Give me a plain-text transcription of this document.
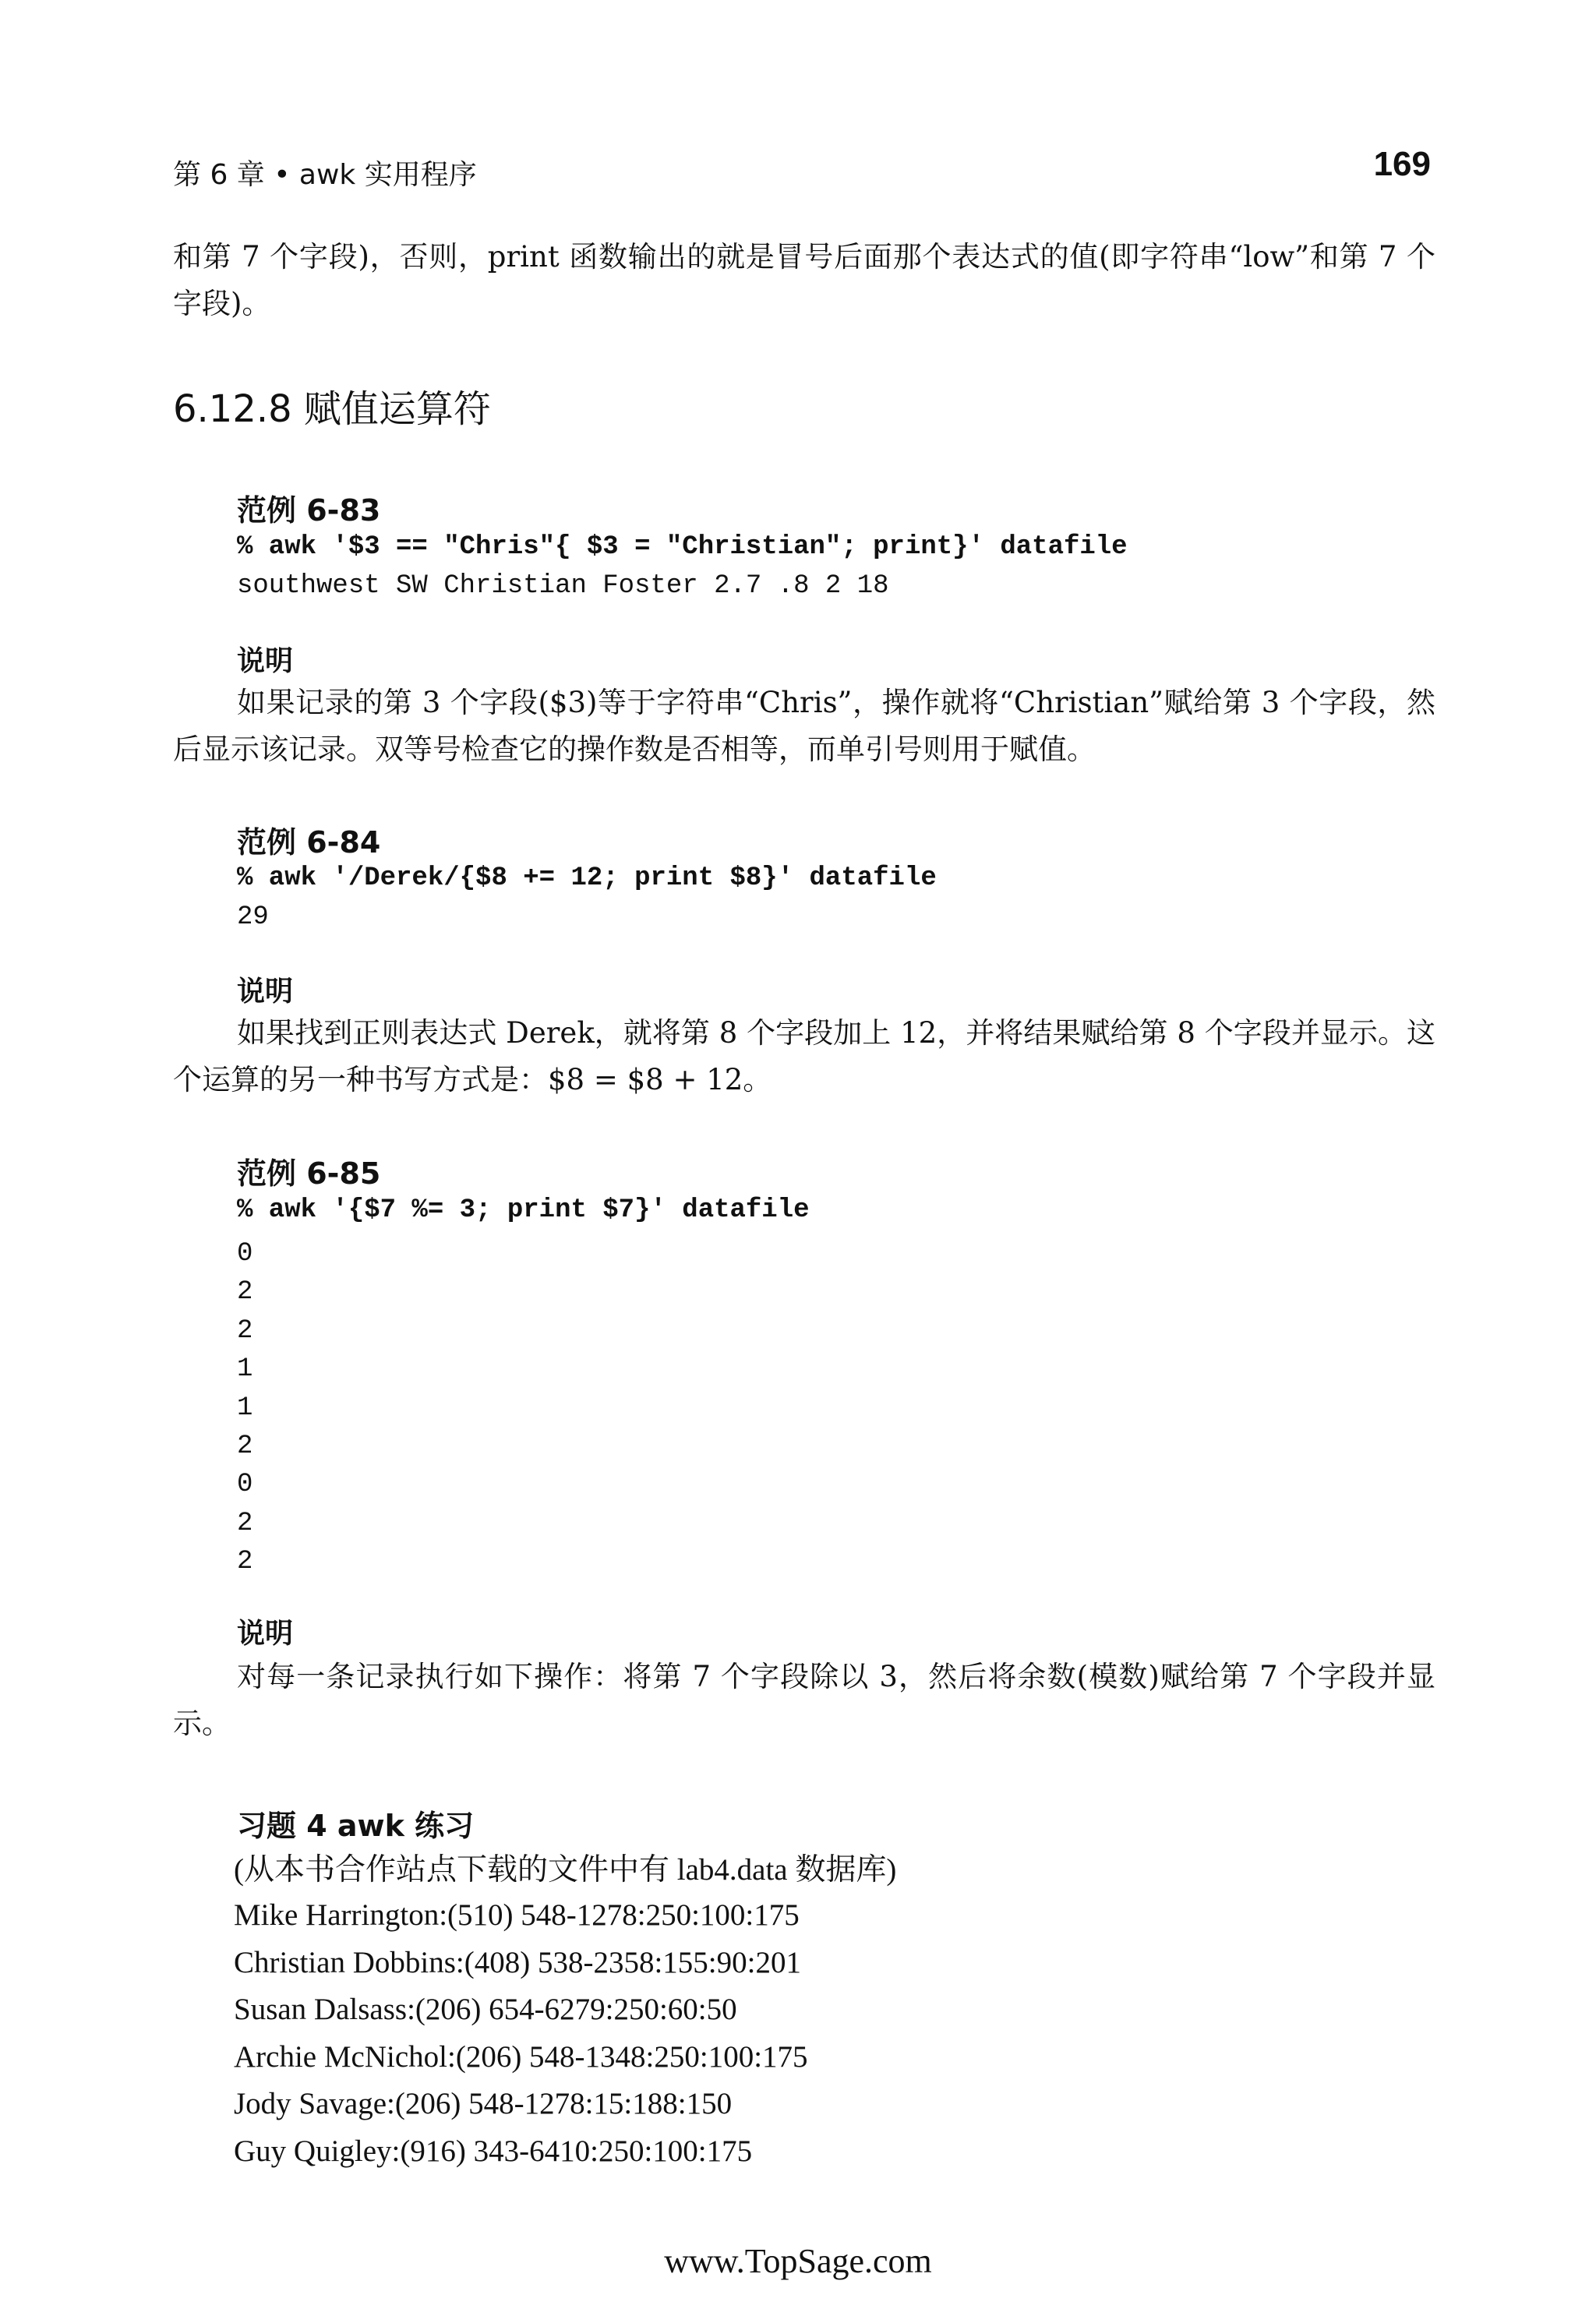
第 6 章 • awk 实用程序	169

和第 7 个字段)，否则，print 函数输出的就是冒号后面那个表达式的值(即字符串“low”和第 7 个字段)。

6.12.8 赋值运算符
范例 6-83
% awk '$3 == "Chris"{ $3 = "Christian"; print}' datafile
southwest SW Christian Foster 2.7 .8 2 18
说明

如果记录的第 3 个字段($3)等于字符串“Chris”，操作就将“Christian”赋给第 3 个字段，然后显示该记录。双等号检查它的操作数是否相等，而单引号则用于赋值。

范例 6-84
% awk '/Derek/{$8 += 12; print $8}' datafile
29
说明

如果找到正则表达式 Derek，就将第 8 个字段加上 12，并将结果赋给第 8 个字段并显示。这个运算的另一种书写方式是：$8 = $8 + 12。

范例 6-85
% awk '{$7 %= 3; print $7}' datafile
0
2
2
1
1
2
0
2
2
说明

对每一条记录执行如下操作：将第 7 个字段除以 3，然后将余数(模数)赋给第 7 个字段并显示。

习题 4 awk 练习
(从本书合作站点下载的文件中有 lab4.data 数据库)
Mike Harrington:(510) 548-1278:250:100:175
Christian Dobbins:(408) 538-2358:155:90:201
Susan Dalsass:(206) 654-6279:250:60:50
Archie McNichol:(206) 548-1348:250:100:175
Jody Savage:(206) 548-1278:15:188:150
Guy Quigley:(916) 343-6410:250:100:175
www.TopSage.com
